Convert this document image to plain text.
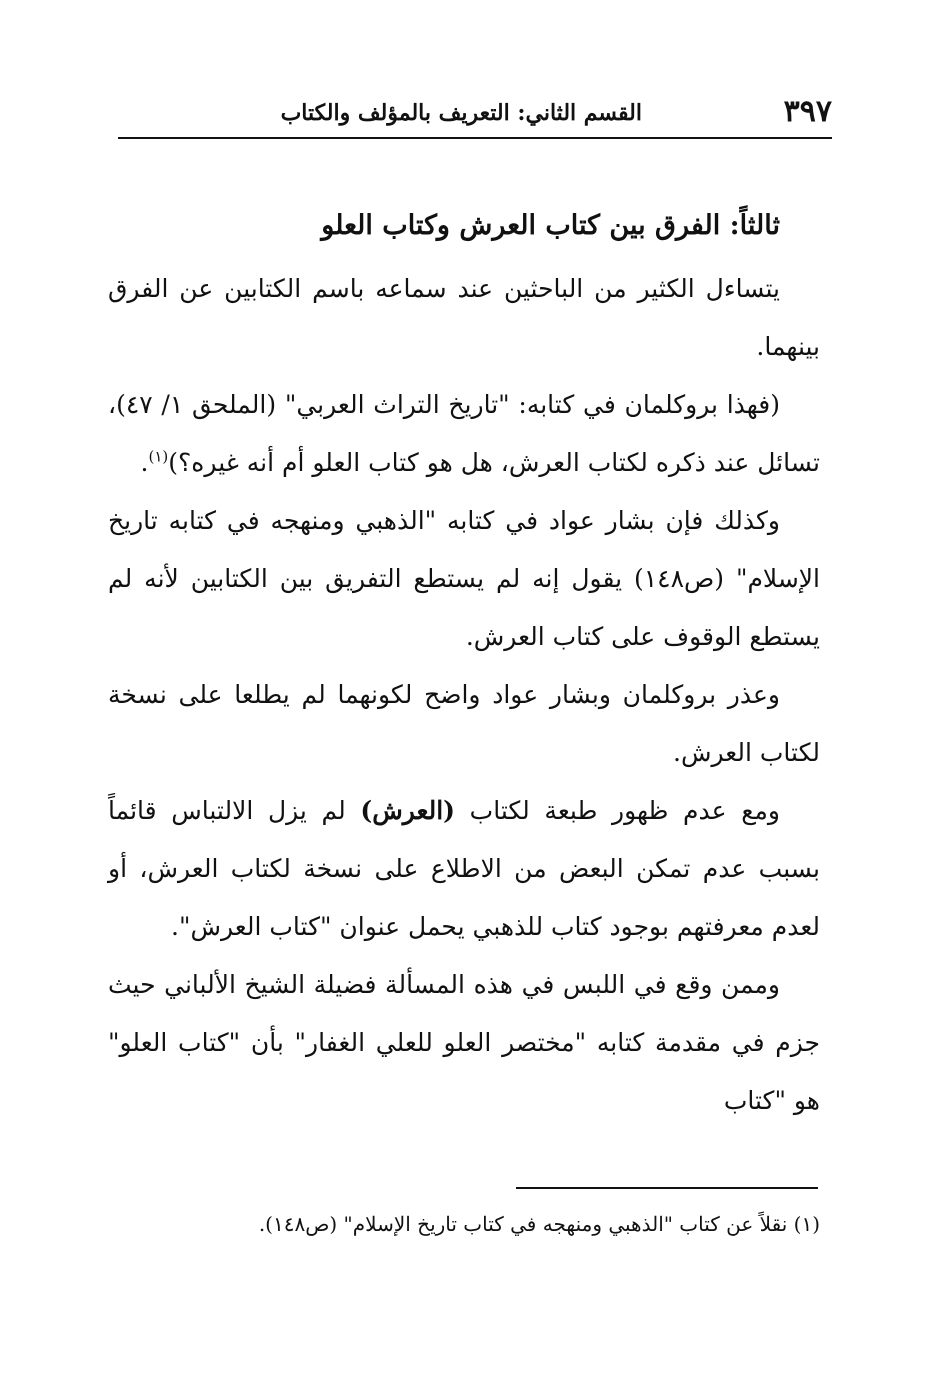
٣٩٧
القسم الثاني: التعريف بالمؤلف والكتاب
ثالثاً: الفرق بين كتاب العرش وكتاب العلو

يتساءل الكثير من الباحثين عند سماعه باسم الكتابين عن الفرق بينهما.

(فهذا بروكلمان في كتابه: "تاريخ التراث العربي" (الملحق ١/ ٤٧)، تسائل عند ذكره لكتاب العرش، هل هو كتاب العلو أم أنه غيره؟)$^{(١)}$.

وكذلك فإن بشار عواد في كتابه "الذهبي ومنهجه في كتابه تاريخ الإسلام" (ص١٤٨) يقول إنه لم يستطع التفريق بين الكتابين لأنه لم يستطع الوقوف على كتاب العرش.

وعذر بروكلمان وبشار عواد واضح لكونهما لم يطلعا على نسخة لكتاب العرش.

ومع عدم ظهور طبعة لكتاب (العرش) لم يزل الالتباس قائماً بسبب عدم تمكن البعض من الاطلاع على نسخة لكتاب العرش، أو لعدم معرفتهم بوجود كتاب للذهبي يحمل عنوان "كتاب العرش".

وممن وقع في اللبس في هذه المسألة فضيلة الشيخ الألباني حيث جزم في مقدمة كتابه "مختصر العلو للعلي الغفار" بأن "كتاب العلو" هو "كتاب

(١) نقلاً عن كتاب "الذهبي ومنهجه في كتاب تاريخ الإسلام" (ص١٤٨).
